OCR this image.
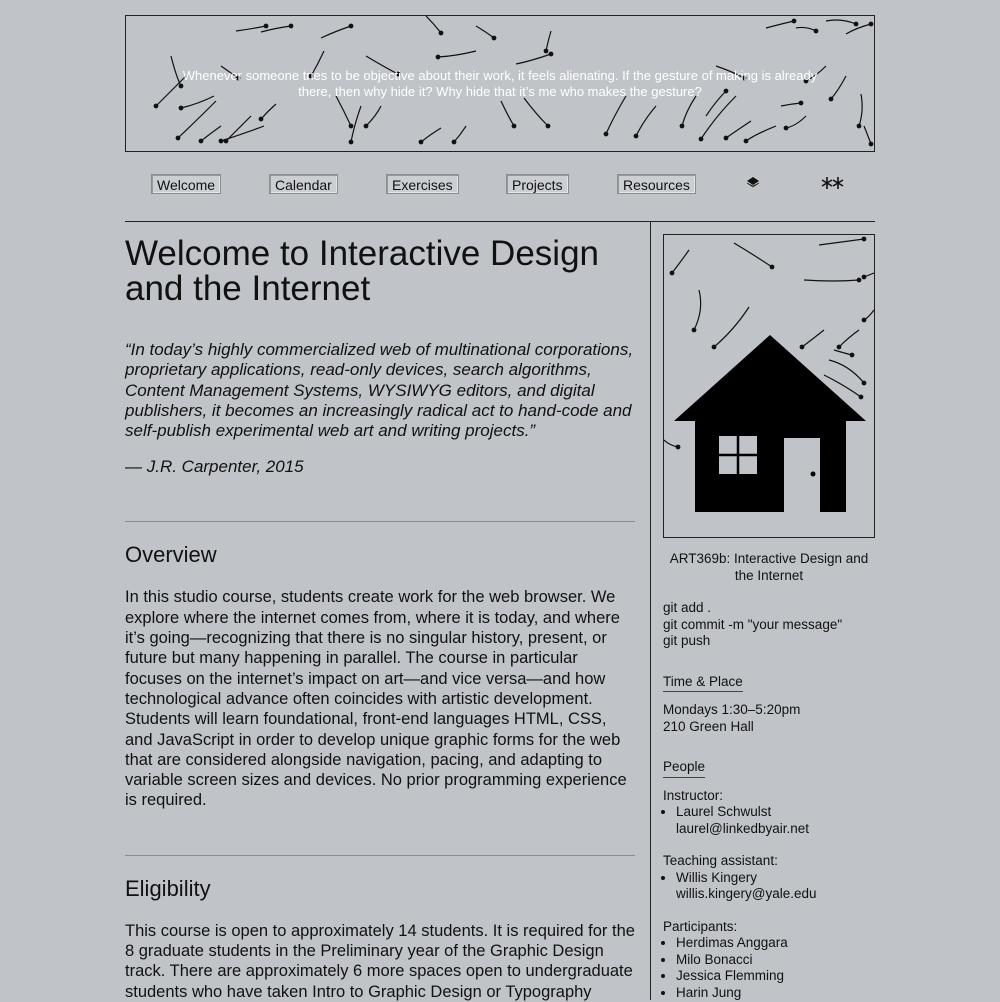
Whenever someone tries to be objective about their work, it feels alienating. If the gesture of making is already there, then why hide it? Why hide that it’s me who makes the gesture?
Welcome	Calendar	Exercises	Projects	Resources
Welcome to Interactive Design and the Internet
“In today’s highly commercialized web of multinational corporations, proprietary applications, read-only devices, search algorithms, Content Management Systems, WYSIWYG editors, and digital publishers, it becomes an increasingly radical act to hand-code and self-publish experimental web art and writing projects.”
— J.R. Carpenter, 2015
Overview
In this studio course, students create work for the web browser. We explore where the internet comes from, where it is today, and where it’s going—recognizing that there is no singular history, present, or future but many happening in parallel. The course in particular focuses on the internet’s impact on art—and vice versa—and how technological advance often coincides with artistic development. Students will learn foundational, front-end languages HTML, CSS, and JavaScript in order to develop unique graphic forms for the web that are considered alongside navigation, pacing, and adapting to variable screen sizes and devices. No prior programming experience is required.
Eligibility
This course is open to approximately 14 students. It is required for the 8 graduate students in the Preliminary year of the Graphic Design track. There are approximately 6 more spaces open to undergraduate students who have taken Intro to Graphic Design or Typography
ART369b: Interactive Design and the Internet
git add .
git commit -m "your message"
git push
Time & Place
Mondays 1:30–5:20pm
210 Green Hall
People
Instructor:
• Laurel Schwulst
laurel@linkedbyair.net
Teaching assistant:
• Willis Kingery
willis.kingery@yale.edu
Participants:
• Herdimas Anggara
• Milo Bonacci
• Jessica Flemming
• Harin Jung
